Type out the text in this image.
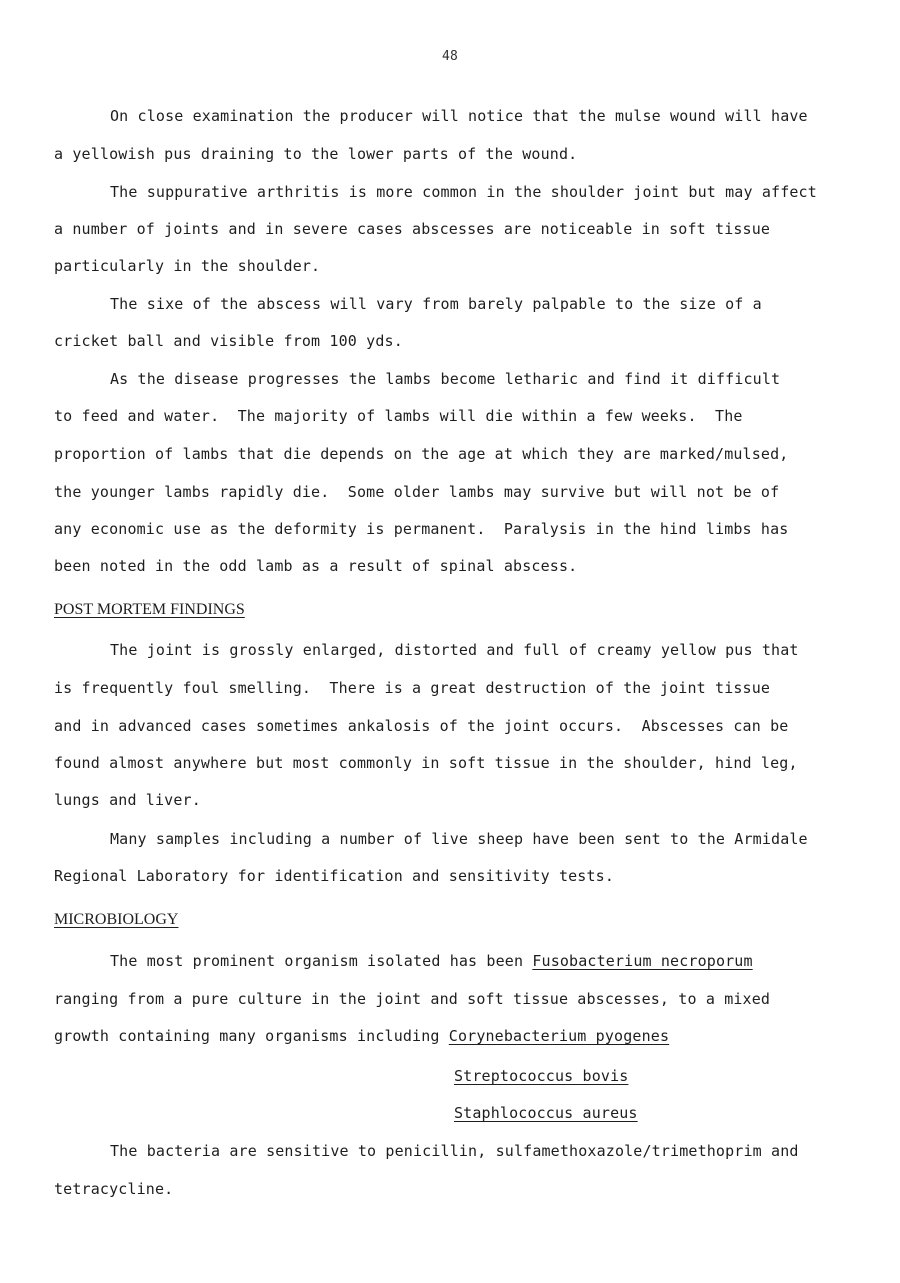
48
On close examination the producer will notice that the mulse wound will have
a yellowish pus draining to the lower parts of the wound.
The suppurative arthritis is more common in the shoulder joint but may affect
a number of joints and in severe cases abscesses are noticeable in soft tissue
particularly in the shoulder.
The sixe of the abscess will vary from barely palpable to the size of a
cricket ball and visible from 100 yds.
As the disease progresses the lambs become letharic and find it difficult
to feed and water.  The majority of lambs will die within a few weeks.  The
proportion of lambs that die depends on the age at which they are marked/mulsed,
the younger lambs rapidly die.  Some older lambs may survive but will not be of
any economic use as the deformity is permanent.  Paralysis in the hind limbs has
been noted in the odd lamb as a result of spinal abscess.
POST MORTEM FINDINGS
The joint is grossly enlarged, distorted and full of creamy yellow pus that
is frequently foul smelling.  There is a great destruction of the joint tissue
and in advanced cases sometimes ankalosis of the joint occurs.  Abscesses can be
found almost anywhere but most commonly in soft tissue in the shoulder, hind leg,
lungs and liver.
Many samples including a number of live sheep have been sent to the Armidale
Regional Laboratory for identification and sensitivity tests.
MICROBIOLOGY
The most prominent organism isolated has been Fusobacterium necroporum
ranging from a pure culture in the joint and soft tissue abscesses, to a mixed
growth containing many organisms including Corynebacterium pyogenes
Streptococcus bovis
Staphlococcus aureus
The bacteria are sensitive to penicillin, sulfamethoxazole/trimethoprim and
tetracycline.
